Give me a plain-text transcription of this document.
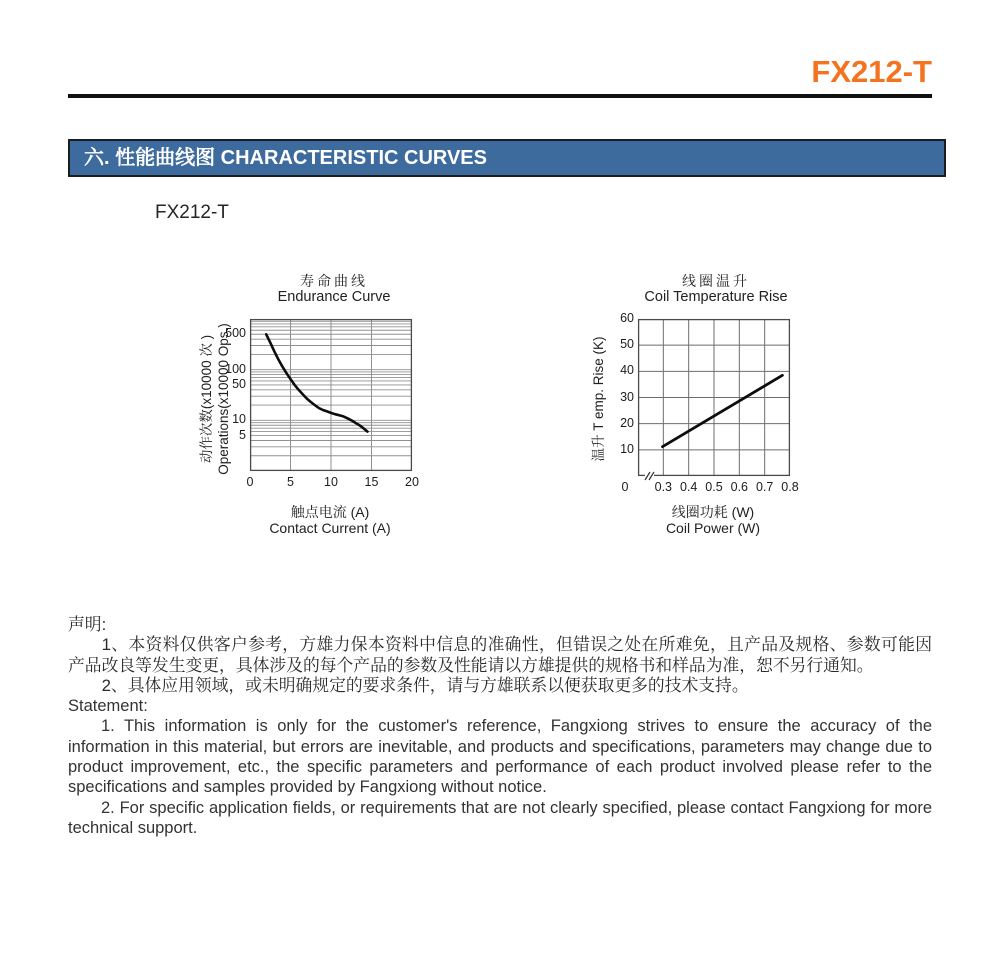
FX212-T
六. 性能曲线图 CHARACTERISTIC CURVES
FX212-T
寿命曲线
Endurance Curve
动作次数(x10000 次 ) Operations(x10000 Ops.)
触点电流 (A)
Contact Current (A)
500
100
50
10
5
0	5	10	15	20
线圈温升
Coil Temperature Rise
温升 T emp. Rise (K)
线圈功耗 (W)
Coil Power (W)
60
50
40
30
20
10
0	0.3 0.4 0.5 0.6 0.7 0.8

声明:

1、本资料仅供客户参考，方雄力保本资料中信息的准确性，但错误之处在所难免，且产品及规格、参数可能因产品改良等发生变更，具体涉及的每个产品的参数及性能请以方雄提供的规格书和样品为准，恕不另行通知。

2、具体应用领域，或未明确规定的要求条件，请与方雄联系以便获取更多的技术支持。

Statement:

1. This information is only for the customer's reference, Fangxiong strives to ensure the accuracy of the information in this material, but errors are inevitable, and products and specifications, parameters may change due to product improvement, etc., the specific parameters and performance of each product involved please refer to the specifications and samples provided by Fangxiong without notice.

2. For specific application fields, or requirements that are not clearly specified, please contact Fangxiong for more technical support.
